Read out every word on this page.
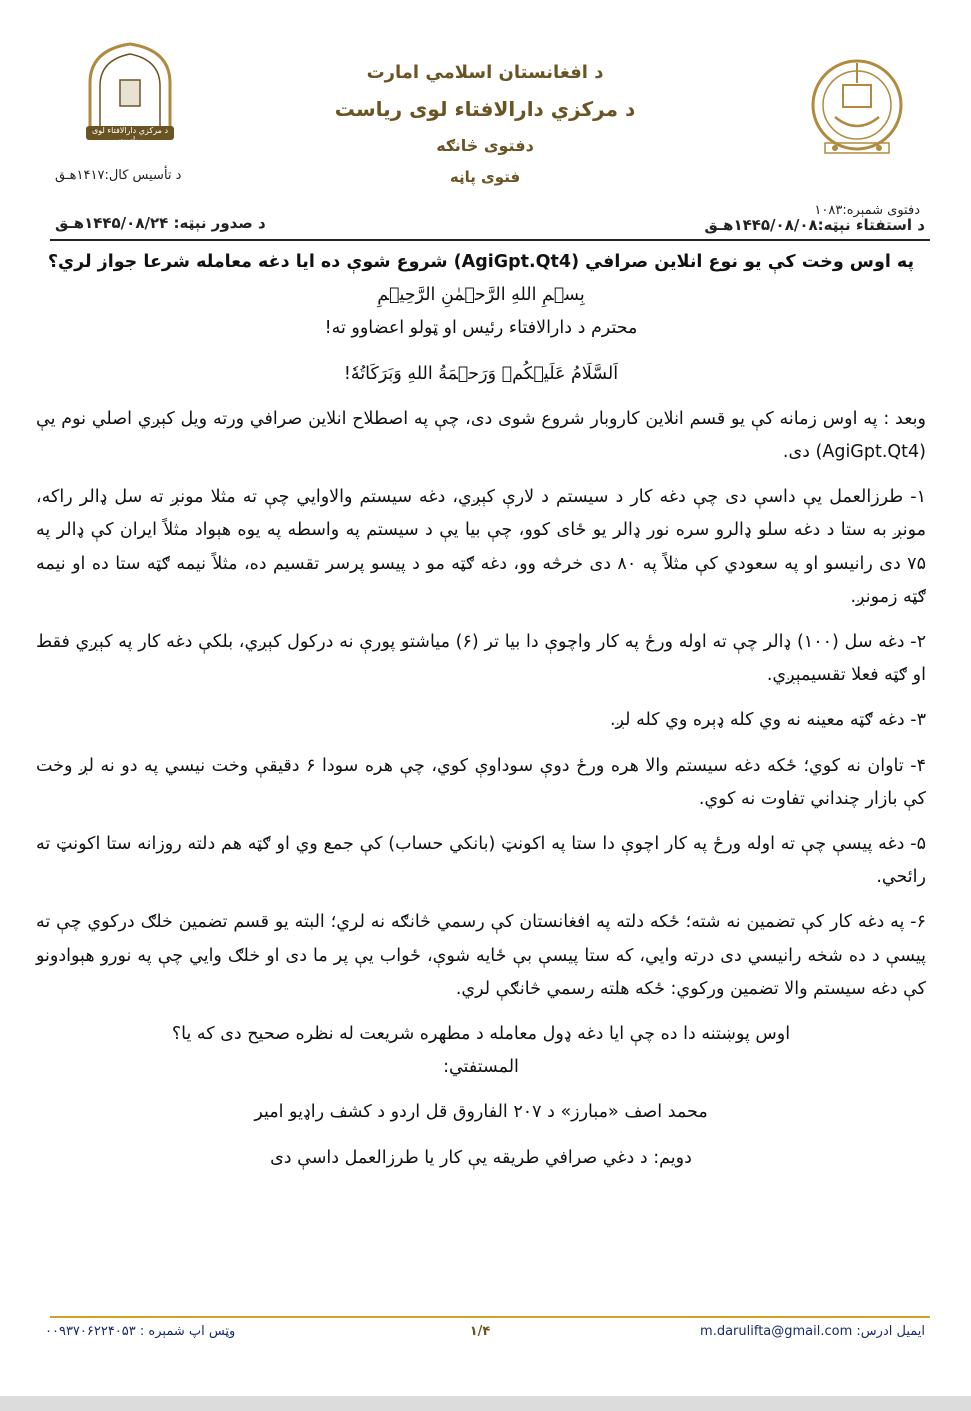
د مرکزي دارالافتاء لوی ریاست
د افغانستان اسلامي امارت
د مرکزي دارالافتاء لوی ریاست
دفتوی څانګه
فتوی پاڼه
دفتوی شمېره:۱۰۸۳
د تأسیس کال:۱۴۱۷هـق
د استفتاء نېټه:۱۴۴۵/۰۸/۰۸هـق
د صدور نېټه: ۱۴۴۵/۰۸/۲۴هـق

په اوس وخت کې یو نوع انلاین صرافي (AgiGpt.Qt4) شروع شوې ده ایا دغه معامله شرعا جواز لري؟

بِسۡمِ اللهِ الرَّحۡمٰنِ الرَّحِيۡمِ

محترم د دارالافتاء رئیس او ټولو اعضاوو ته!

اَلسَّلَامُ عَلَيۡكُمۡ وَرَحۡمَةُ اللهِ وَبَرَكَاتُهٗ!

وبعد : په اوس زمانه کې یو قسم انلاین کاروبار شروع شوی دی، چې په اصطلاح انلاین صرافي ورته ویل کېږي اصلي نوم یې (AgiGpt.Qt4) دی.

۱- طرزالعمل یې داسې دی چې دغه کار د سیستم د لارې کېږي، دغه سیستم والاوایي چې ته مثلا مونږ ته سل ډالر راکه، مونږ به ستا د دغه سلو ډالرو سره نور ډالر یو ځای کوو، چې بیا یې د سیستم په واسطه په یوه هېواد مثلاً ایران کې ډالر په ۷۵ دی رانیسو او په سعودي کې مثلاً په ۸۰ دی خرڅه وو، دغه ګټه مو د پیسو پرسر تقسیم ده، مثلاً نیمه ګټه ستا ده او نیمه ګټه زمونږ.

۲- دغه سل (۱۰۰) ډالر چې ته اوله ورځ په کار واچوې دا بیا تر (۶) میاشتو پورې نه درکول کېږي، بلکې دغه کار په کېږي فقط او ګټه فعلا تقسیمېږي.

۳- دغه ګټه معینه نه وي کله ډېره وي کله لږ.

۴- تاوان نه کوي؛ ځکه دغه سیستم والا هره ورځ دوې سوداوې کوي، چې هره سودا ۶ دقیقې وخت نیسي په دو نه لږ وخت کې بازار چنداني تفاوت نه کوي.

۵- دغه پیسې چې ته اوله ورځ په کار اچوې دا ستا په اکونټ (بانکي حساب) کې جمع وي او ګټه هم دلته روزانه ستا اکونټ ته رائحي.

۶- په دغه کار کې تضمین نه شته؛ ځکه دلته په افغانستان کې رسمي څانګه نه لري؛ البته یو قسم تضمین خلګ درکوي چې ته پیسې د ده شخه رانیسي دی درته وایي، که ستا پیسې بې ځایه شوې، ځواب یې پر ما دی او خلګ وایي چې په نورو هېوادونو کې دغه سیستم والا تضمین ورکوي: ځکه هلته رسمي څانګې لري.

اوس پوښتنه دا ده چې ایا دغه ډول معامله د مطهره شریعت له نظره صحیح دی که یا؟

المستفتي:

محمد اصف «مبارز» د ۲۰۷ الفاروق قل اردو د کشف راډیو امیر

دویم: د دغي صرافي طریقه یې کار یا طرزالعمل داسې دی

ایمیل ادرس: m.darulifta@gmail.com
۱/۴
وټس اپ شمېره : ۰۰۹۳۷۰۶۲۲۴۰۵۳
